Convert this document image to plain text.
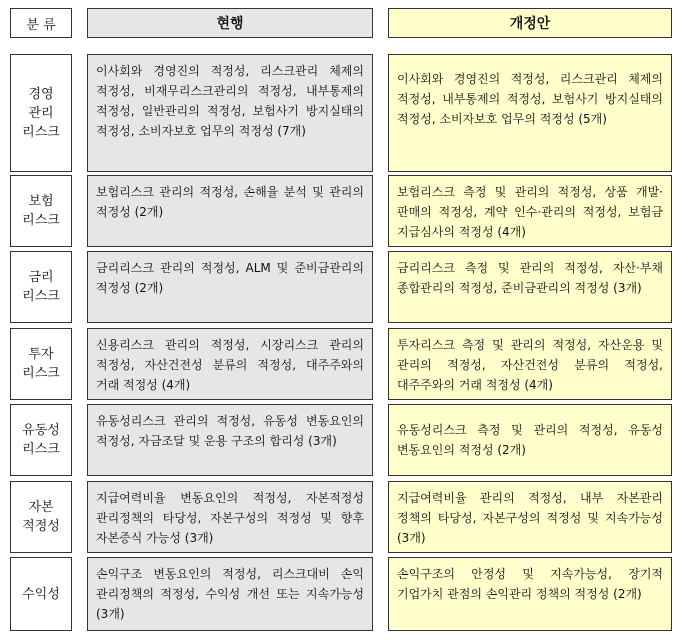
분 류	현행	개정안
경영
관리
리스크
이사회와 경영진의 적정성, 리스크관리 체제의 적정성, 비재무리스크관리의 적정성, 내부통제의 적정성, 일반관리의 적정성, 보험사기 방지실태의 적정성, 소비자보호 업무의 적정성 (7개)
이사회와 경영진의 적정성, 리스크관리 체제의 적정성, 내부통제의 적정성, 보험사기 방지실태의 적정성, 소비자보호 업무의 적정성 (5개)
보험
리스크
보험리스크 관리의 적정성, 손해율 분석 및 관리의 적정성 (2개)
보험리스크 측정 및 관리의 적정성, 상품 개발·판매의 적정성, 계약 인수·관리의 적정성, 보험금 지급심사의 적정성 (4개)
금리
리스크
금리리스크 관리의 적정성, ALM 및 준비금관리의 적정성 (2개)
금리리스크 측정 및 관리의 적정성, 자산·부채 종합관리의 적정성, 준비금관리의 적정성 (3개)
투자
리스크
신용리스크 관리의 적정성, 시장리스크 관리의 적정성, 자산건전성 분류의 적정성, 대주주와의 거래 적정성 (4개)
투자리스크 측정 및 관리의 적정성, 자산운용 및 관리의 적정성, 자산건전성 분류의 적정성, 대주주와의 거래 적정성 (4개)
유동성
리스크
유동성리스크 관리의 적정성, 유동성 변동요인의 적정성, 자금조달 및 운용 구조의 합리성 (3개)
유동성리스크 측정 및 관리의 적정성, 유동성 변동요인의 적정성 (2개)
자본
적정성
지급여력비율 변동요인의 적정성, 자본적정성 관리정책의 타당성, 자본구성의 적정성 및 향후 자본증식 가능성 (3개)
지급여력비율 관리의 적정성, 내부 자본관리 정책의 타당성, 자본구성의 적정성 및 지속가능성 (3개)
수익성
손익구조 변동요인의 적정성, 리스크대비 손익 관리정책의 적정성, 수익성 개선 또는 지속가능성 (3개)
손익구조의 안정성 및 지속가능성, 장기적 기업가치 관점의 손익관리 정책의 적정성 (2개)
